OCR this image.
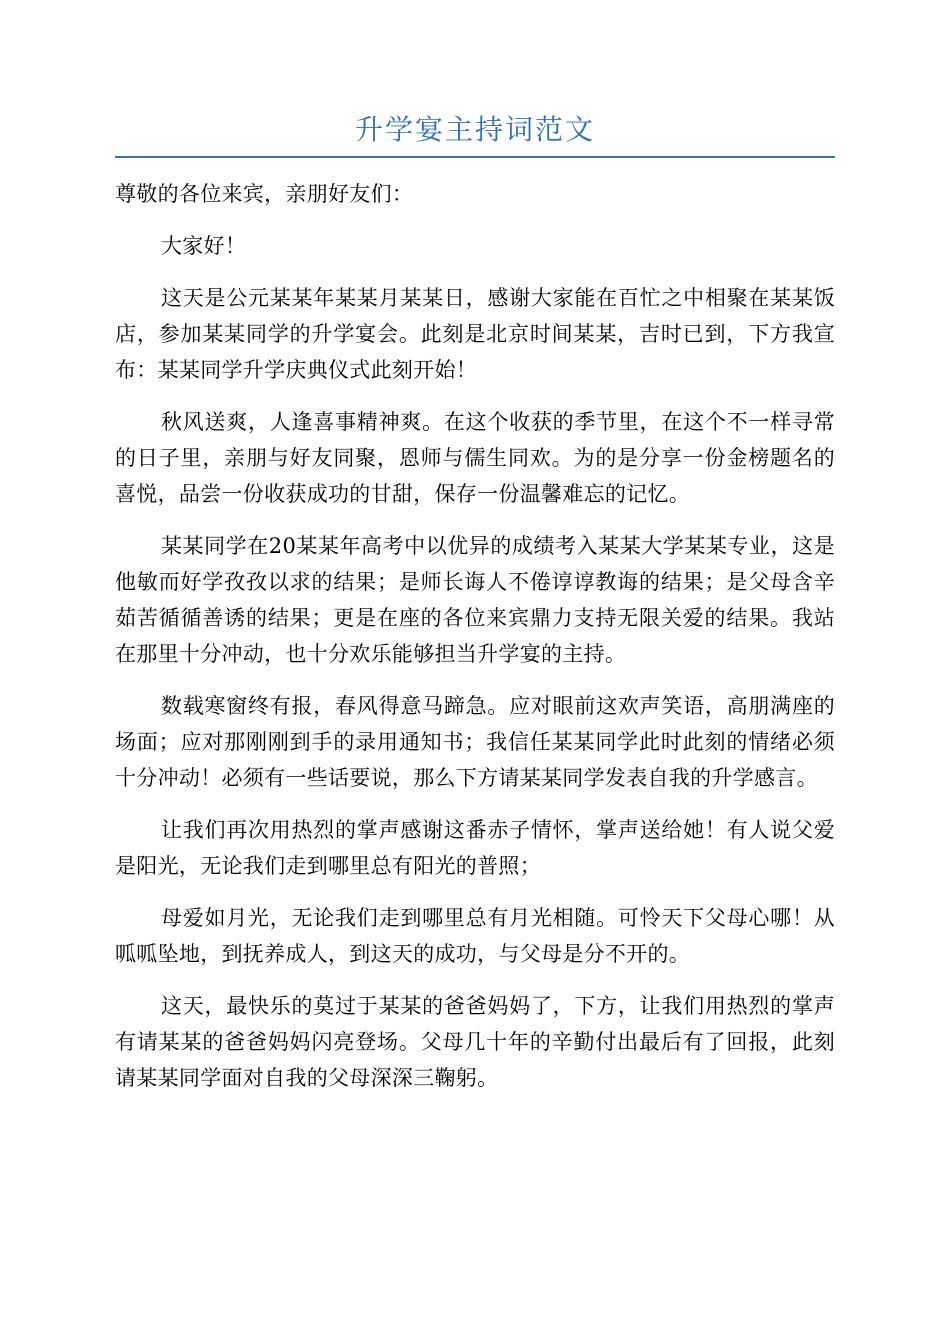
升学宴主持词范文

尊敬的各位来宾，亲朋好友们：

大家好！

这天是公元某某年某某月某某日，感谢大家能在百忙之中相聚在某某饭店，参加某某同学的升学宴会。此刻是北京时间某某，吉时已到，下方我宣布：某某同学升学庆典仪式此刻开始！

秋风送爽，人逢喜事精神爽。在这个收获的季节里，在这个不一样寻常的日子里，亲朋与好友同聚，恩师与儒生同欢。为的是分享一份金榜题名的喜悦，品尝一份收获成功的甘甜，保存一份温馨难忘的记忆。

某某同学在20某某年高考中以优异的成绩考入某某大学某某专业，这是他敏而好学孜孜以求的结果；是师长诲人不倦谆谆教诲的结果；是父母含辛茹苦循循善诱的结果；更是在座的各位来宾鼎力支持无限关爱的结果。我站在那里十分冲动，也十分欢乐能够担当升学宴的主持。

数载寒窗终有报，春风得意马蹄急。应对眼前这欢声笑语，高朋满座的场面；应对那刚刚到手的录用通知书；我信任某某同学此时此刻的情绪必须十分冲动！必须有一些话要说，那么下方请某某同学发表自我的升学感言。

让我们再次用热烈的掌声感谢这番赤子情怀，掌声送给她！有人说父爱是阳光，无论我们走到哪里总有阳光的普照；

母爱如月光，无论我们走到哪里总有月光相随。可怜天下父母心哪！从呱呱坠地，到抚养成人，到这天的成功，与父母是分不开的。

这天，最快乐的莫过于某某的爸爸妈妈了，下方，让我们用热烈的掌声有请某某的爸爸妈妈闪亮登场。父母几十年的辛勤付出最后有了回报，此刻请某某同学面对自我的父母深深三鞠躬。
